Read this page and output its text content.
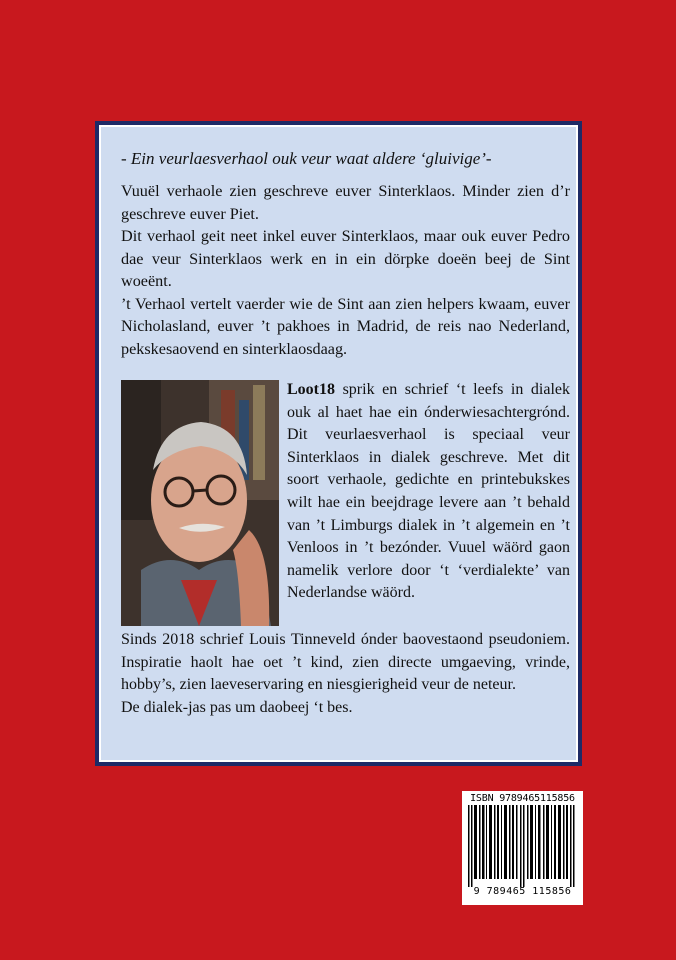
- Ein veurlaesverhaol ouk veur waat aldere ‘gluivige’-

Vuuël verhaole zien geschreve euver Sinterklaos. Minder zien d’r geschreve euver Piet.

Dit verhaol geit neet inkel euver Sinterklaos, maar ouk euver Pedro dae veur Sinterklaos werk en in ein dörpke doeën beej de Sint woeënt.

’t Verhaol vertelt vaerder wie de Sint aan zien helpers kwaam, euver Nicholasland, euver ’t pakhoes in Madrid, de reis nao Nederland, pekskesaovend en sinterklaosdaag.

Loot18 sprik en schrief ‘t leefs in dialek ouk al haet hae ein ónderwiesachtergrónd. Dit veurlaesverhaol is speciaal veur Sinterklaos in dialek geschreve. Met dit soort verhaole, gedichte en printebukskes wilt hae ein beejdrage levere aan ’t behald van ’t Limburgs dialek in ’t algemein en ’t Venloos in ’t bezónder. Vuuel wäörd gaon namelik verlore door ‘t ‘verdialekte’ van Nederlandse wäörd.

Sinds 2018 schrief Louis Tinneveld ónder baovestaond pseudoniem. Inspiratie haolt hae oet ’t kind, zien directe umgaeving, vrinde, hobby’s, zien laeveservaring en niesgierigheid veur de neteur.

De dialek-jas pas um daobeej ‘t bes.

ISBN 9789465115856
9 789465 115856
